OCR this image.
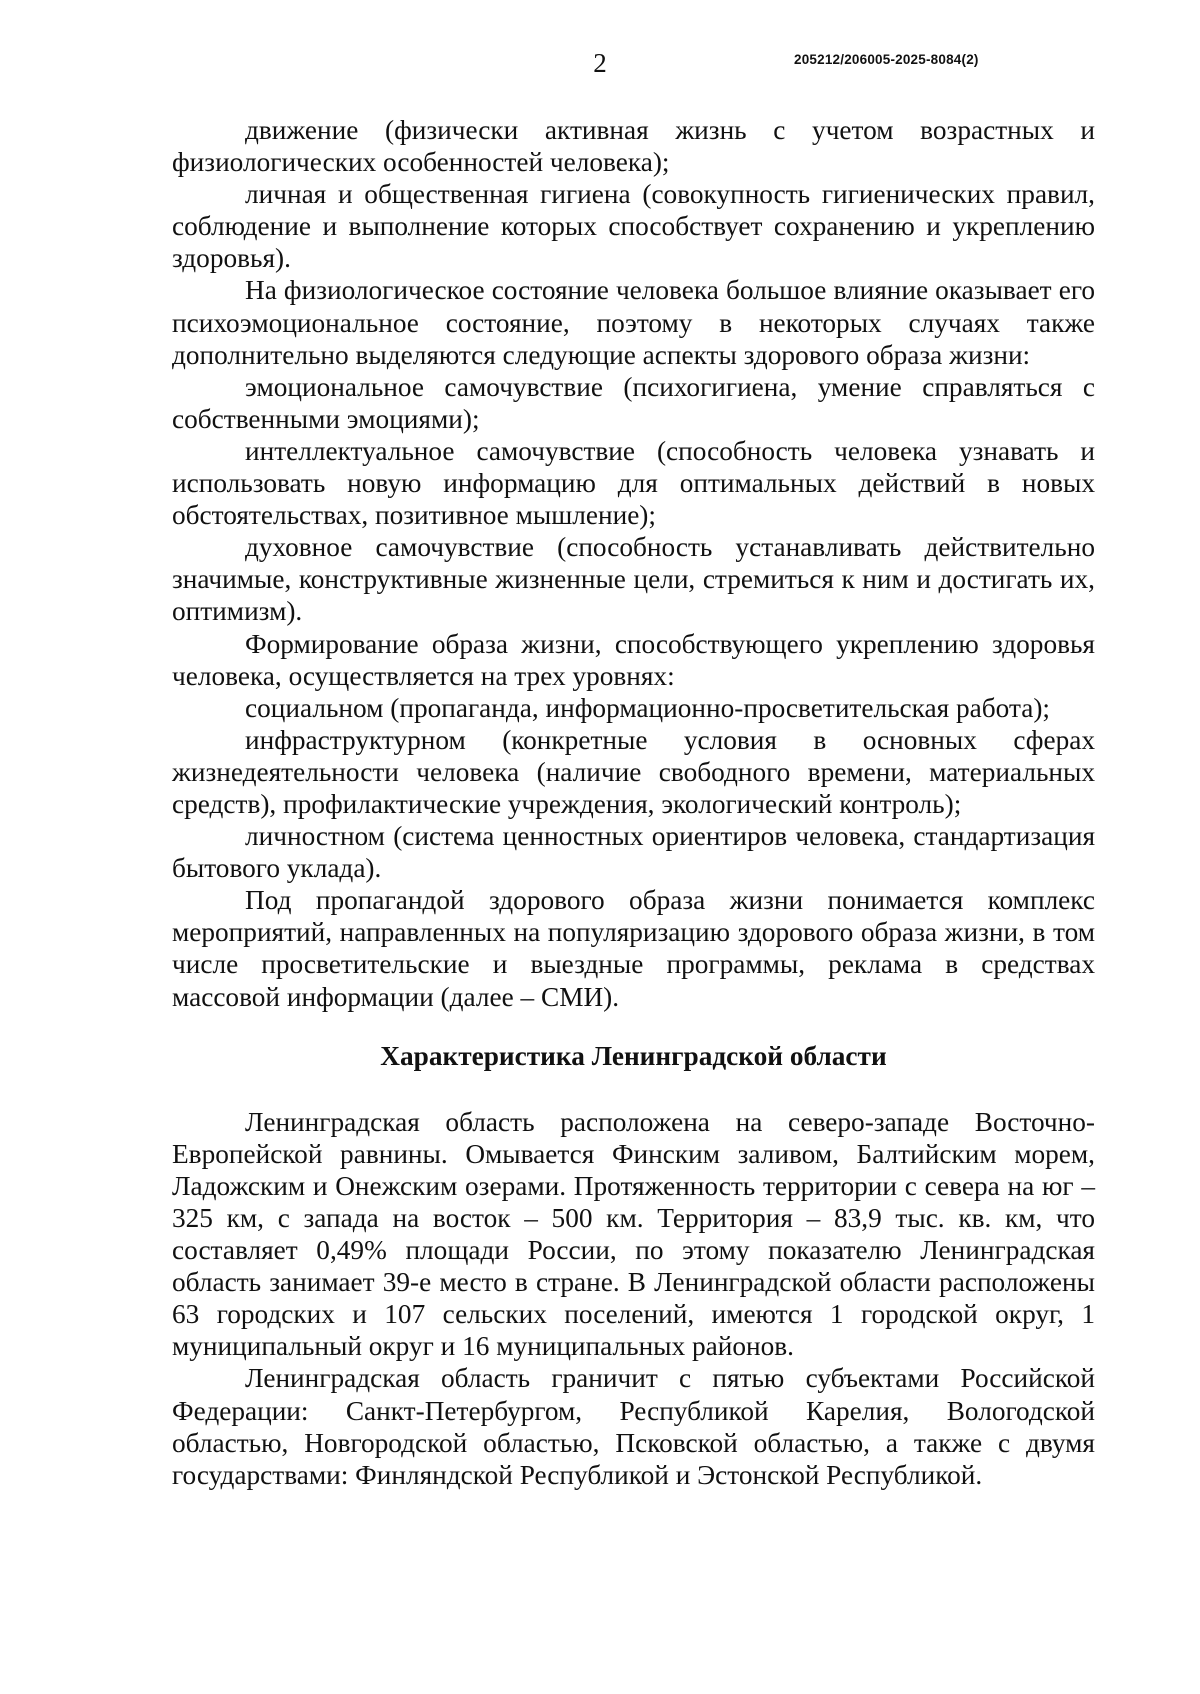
2	205212/206005-2025-8084(2)

движение (физически активная жизнь с учетом возрастных и физиологических особенностей человека);

личная и общественная гигиена (совокупность гигиенических правил, соблюдение и выполнение которых способствует сохранению и укреплению здоровья).

На физиологическое состояние человека большое влияние оказывает его психоэмоциональное состояние, поэтому в некоторых случаях также дополнительно выделяются следующие аспекты здорового образа жизни:

эмоциональное самочувствие (психогигиена, умение справляться с собственными эмоциями);

интеллектуальное самочувствие (способность человека узнавать и использовать новую информацию для оптимальных действий в новых обстоятельствах, позитивное мышление);

духовное самочувствие (способность устанавливать действительно значимые, конструктивные жизненные цели, стремиться к ним и достигать их, оптимизм).

Формирование образа жизни, способствующего укреплению здоровья человека, осуществляется на трех уровнях:

социальном (пропаганда, информационно-просветительская работа);

инфраструктурном (конкретные условия в основных сферах жизнедеятельности человека (наличие свободного времени, материальных средств), профилактические учреждения, экологический контроль);

личностном (система ценностных ориентиров человека, стандартизация бытового уклада).

Под пропагандой здорового образа жизни понимается комплекс мероприятий, направленных на популяризацию здорового образа жизни, в том числе просветительские и выездные программы, реклама в средствах массовой информации (далее – СМИ).

Характеристика Ленинградской области

Ленинградская область расположена на северо-западе Восточно-Европейской равнины. Омывается Финским заливом, Балтийским морем, Ладожским и Онежским озерами. Протяженность территории с севера на юг – 325 км, с запада на восток – 500 км. Территория – 83,9 тыс. кв. км, что составляет 0,49% площади России, по этому показателю Ленинградская область занимает 39-е место в стране. В Ленинградской области расположены 63 городских и 107 сельских поселений, имеются 1 городской округ, 1 муниципальный округ и 16 муниципальных районов.

Ленинградская область граничит с пятью субъектами Российской Федерации: Санкт-Петербургом, Республикой Карелия, Вологодской областью, Новгородской областью, Псковской областью, а также с двумя государствами: Финляндской Республикой и Эстонской Республикой.
